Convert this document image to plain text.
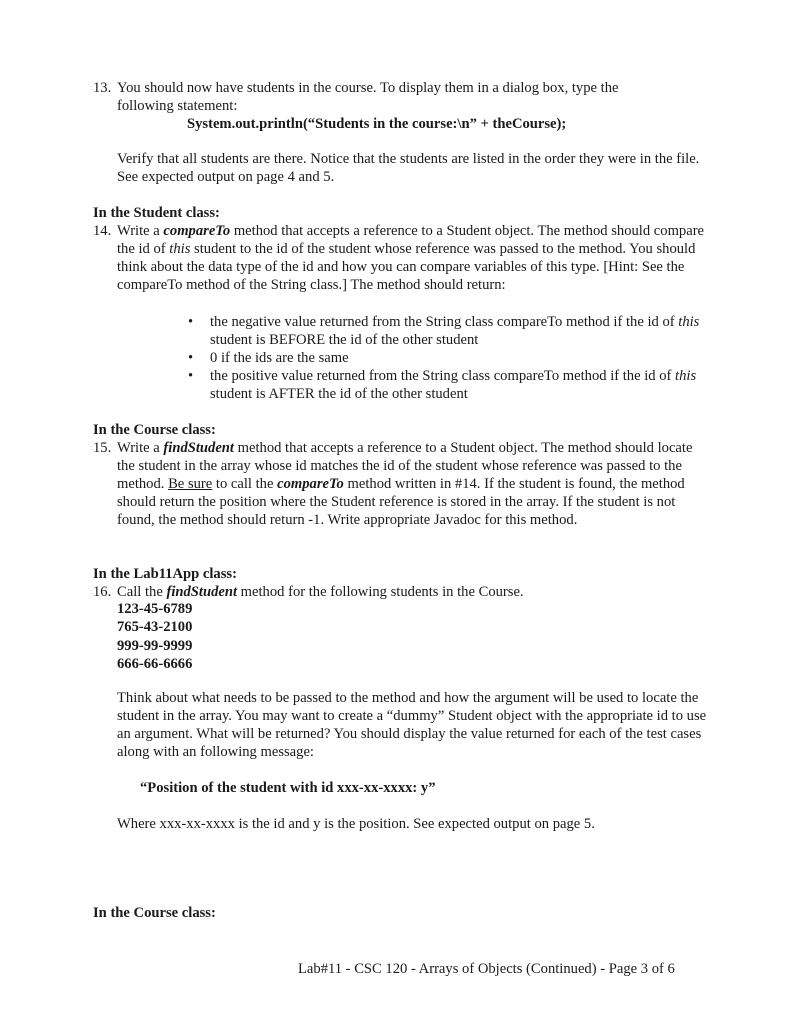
13. You should now have students in the course. To display them in a dialog box, type the
following statement:
System.out.println(“Students in the course:\n” + theCourse);

Verify that all students are there. Notice that the students are listed in the order they were in the file. See expected output on page 4 and 5.

In the Student class:
14. Write a compareTo method that accepts a reference to a Student object. The method should compare the id of this student to the id of the student whose reference was passed to the method. You should think about the data type of the id and how you can compare variables of this type. [Hint: See the compareTo method of the String class.] The method should return:

• the negative value returned from the String class compareTo method if the id of this student is BEFORE the id of the other student
• 0 if the ids are the same
• the positive value returned from the String class compareTo method if the id of this student is AFTER the id of the other student
In the Course class:
15. Write a findStudent method that accepts a reference to a Student object. The method should locate the student in the array whose id matches the id of the student whose reference was passed to the method. Be sure to call the compareTo method written in #14. If the student is found, the method should return the position where the Student reference is stored in the array. If the student is not found, the method should return -1. Write appropriate Javadoc for this method.

In the Lab11App class:
16. Call the findStudent method for the following students in the Course.
123-45-6789
765-43-2100
999-99-9999
666-66-6666

Think about what needs to be passed to the method and how the argument will be used to locate the student in the array. You may want to create a “dummy” Student object with the appropriate id to use an argument. What will be returned? You should display the value returned for each of the test cases along with an following message:

“Position of the student with id xxx-xx-xxxx: y”
Where xxx-xx-xxxx is the id and y is the position. See expected output on page 5.
In the Course class:
Lab#11 - CSC 120 - Arrays of Objects (Continued) - Page 3 of 6
